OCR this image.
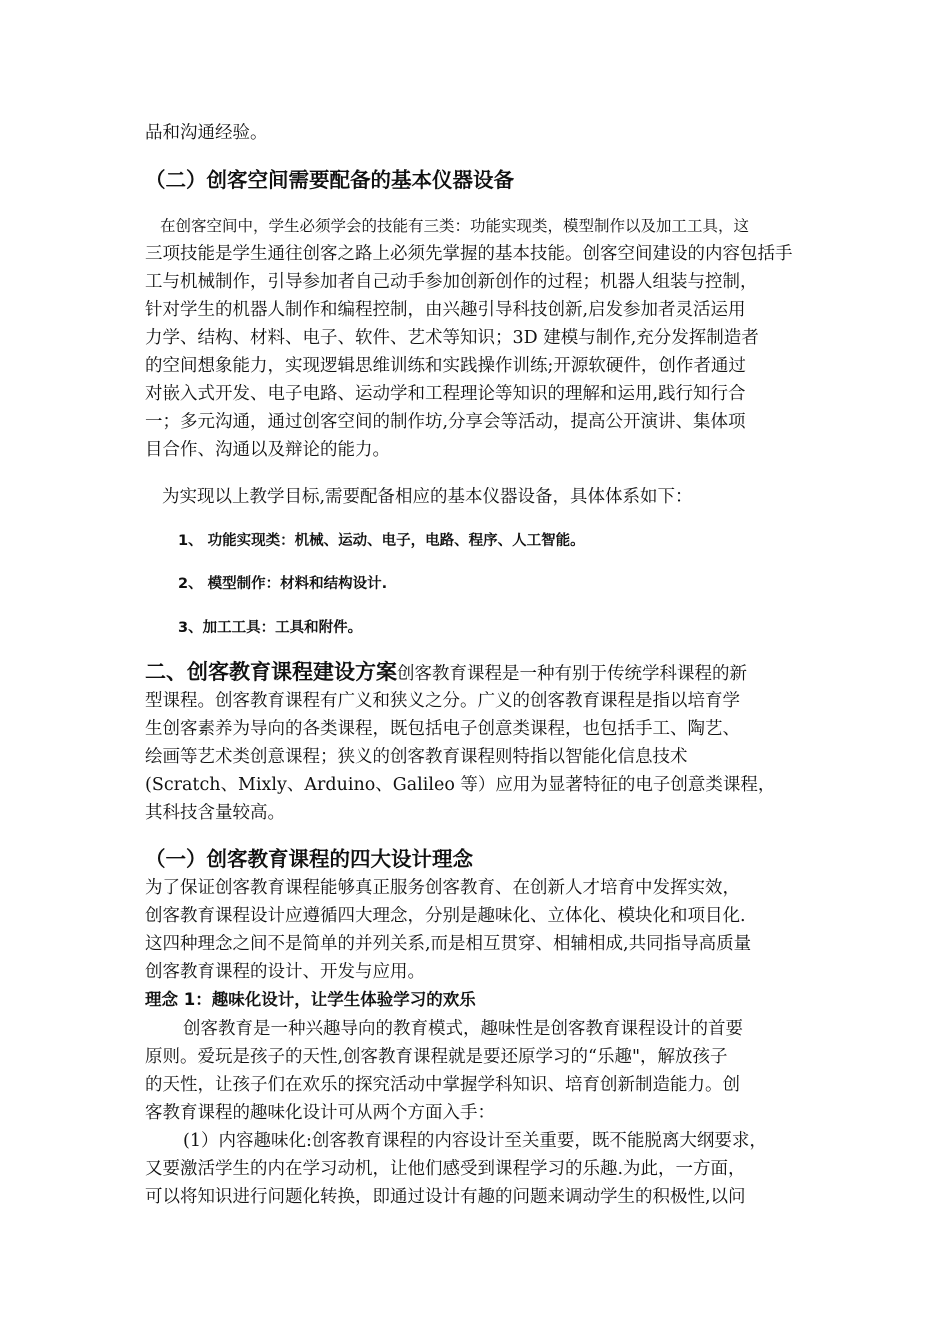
品和沟通经验。
（二）创客空间需要配备的基本仪器设备
在创客空间中，学生必须学会的技能有三类：功能实现类，模型制作以及加工工具，这
三项技能是学生通往创客之路上必须先掌握的基本技能。创客空间建设的内容包括手
工与机械制作，引导参加者自己动手参加创新创作的过程；机器人组装与控制，
针对学生的机器人制作和编程控制，由兴趣引导科技创新,启发参加者灵活运用
力学、结构、材料、电子、软件、艺术等知识；3D 建模与制作,充分发挥制造者
的空间想象能力，实现逻辑思维训练和实践操作训练;开源软硬件，创作者通过
对嵌入式开发、电子电路、运动学和工程理论等知识的理解和运用,践行知行合
一；多元沟通，通过创客空间的制作坊,分享会等活动，提高公开演讲、集体项
目合作、沟通以及辩论的能力。
为实现以上教学目标,需要配备相应的基本仪器设备，具体体系如下：
1、 功能实现类：机械、运动、电子，电路、程序、人工智能。
2、 模型制作：材料和结构设计.
3、加工工具：工具和附件。
二、创客教育课程建设方案创客教育课程是一种有别于传统学科课程的新
型课程。创客教育课程有广义和狭义之分。广义的创客教育课程是指以培育学
生创客素养为导向的各类课程，既包括电子创意类课程，也包括手工、陶艺、
绘画等艺术类创意课程；狭义的创客教育课程则特指以智能化信息技术
(Scratch、Mixly、Arduino、Galileo 等）应用为显著特征的电子创意类课程，
其科技含量较高。
（一）创客教育课程的四大设计理念
为了保证创客教育课程能够真正服务创客教育、在创新人才培育中发挥实效，
创客教育课程设计应遵循四大理念，分别是趣味化、立体化、模块化和项目化.
这四种理念之间不是简单的并列关系,而是相互贯穿、相辅相成,共同指导高质量
创客教育课程的设计、开发与应用。
理念 1：趣味化设计，让学生体验学习的欢乐
创客教育是一种兴趣导向的教育模式，趣味性是创客教育课程设计的首要
原则。爱玩是孩子的天性,创客教育课程就是要还原学习的“乐趣"，解放孩子
的天性，让孩子们在欢乐的探究活动中掌握学科知识、培育创新制造能力。创
客教育课程的趣味化设计可从两个方面入手：
(1）内容趣味化:创客教育课程的内容设计至关重要，既不能脱离大纲要求，
又要激活学生的内在学习动机，让他们感受到课程学习的乐趣.为此，一方面，
可以将知识进行问题化转换，即通过设计有趣的问题来调动学生的积极性,以问
